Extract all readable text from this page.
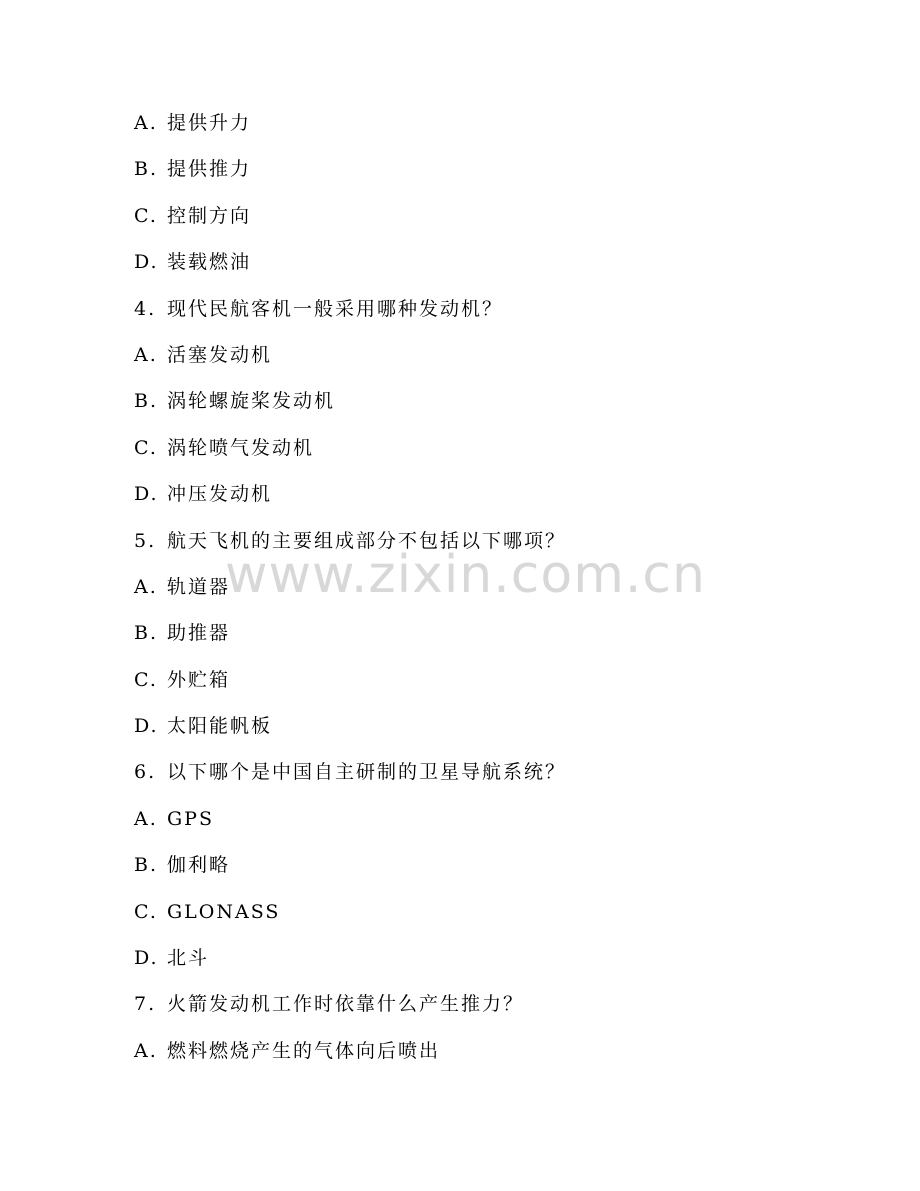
A. 提供升力
B. 提供推力
C. 控制方向
D. 装载燃油
4. 现代民航客机一般采用哪种发动机？
A. 活塞发动机
B. 涡轮螺旋桨发动机
C. 涡轮喷气发动机
D. 冲压发动机
5. 航天飞机的主要组成部分不包括以下哪项？
A. 轨道器
B. 助推器
C. 外贮箱
D. 太阳能帆板
6. 以下哪个是中国自主研制的卫星导航系统？
A. GPS
B. 伽利略
C. GLONASS
D. 北斗
7. 火箭发动机工作时依靠什么产生推力？
A. 燃料燃烧产生的气体向后喷出
www.zixin.com.cn
